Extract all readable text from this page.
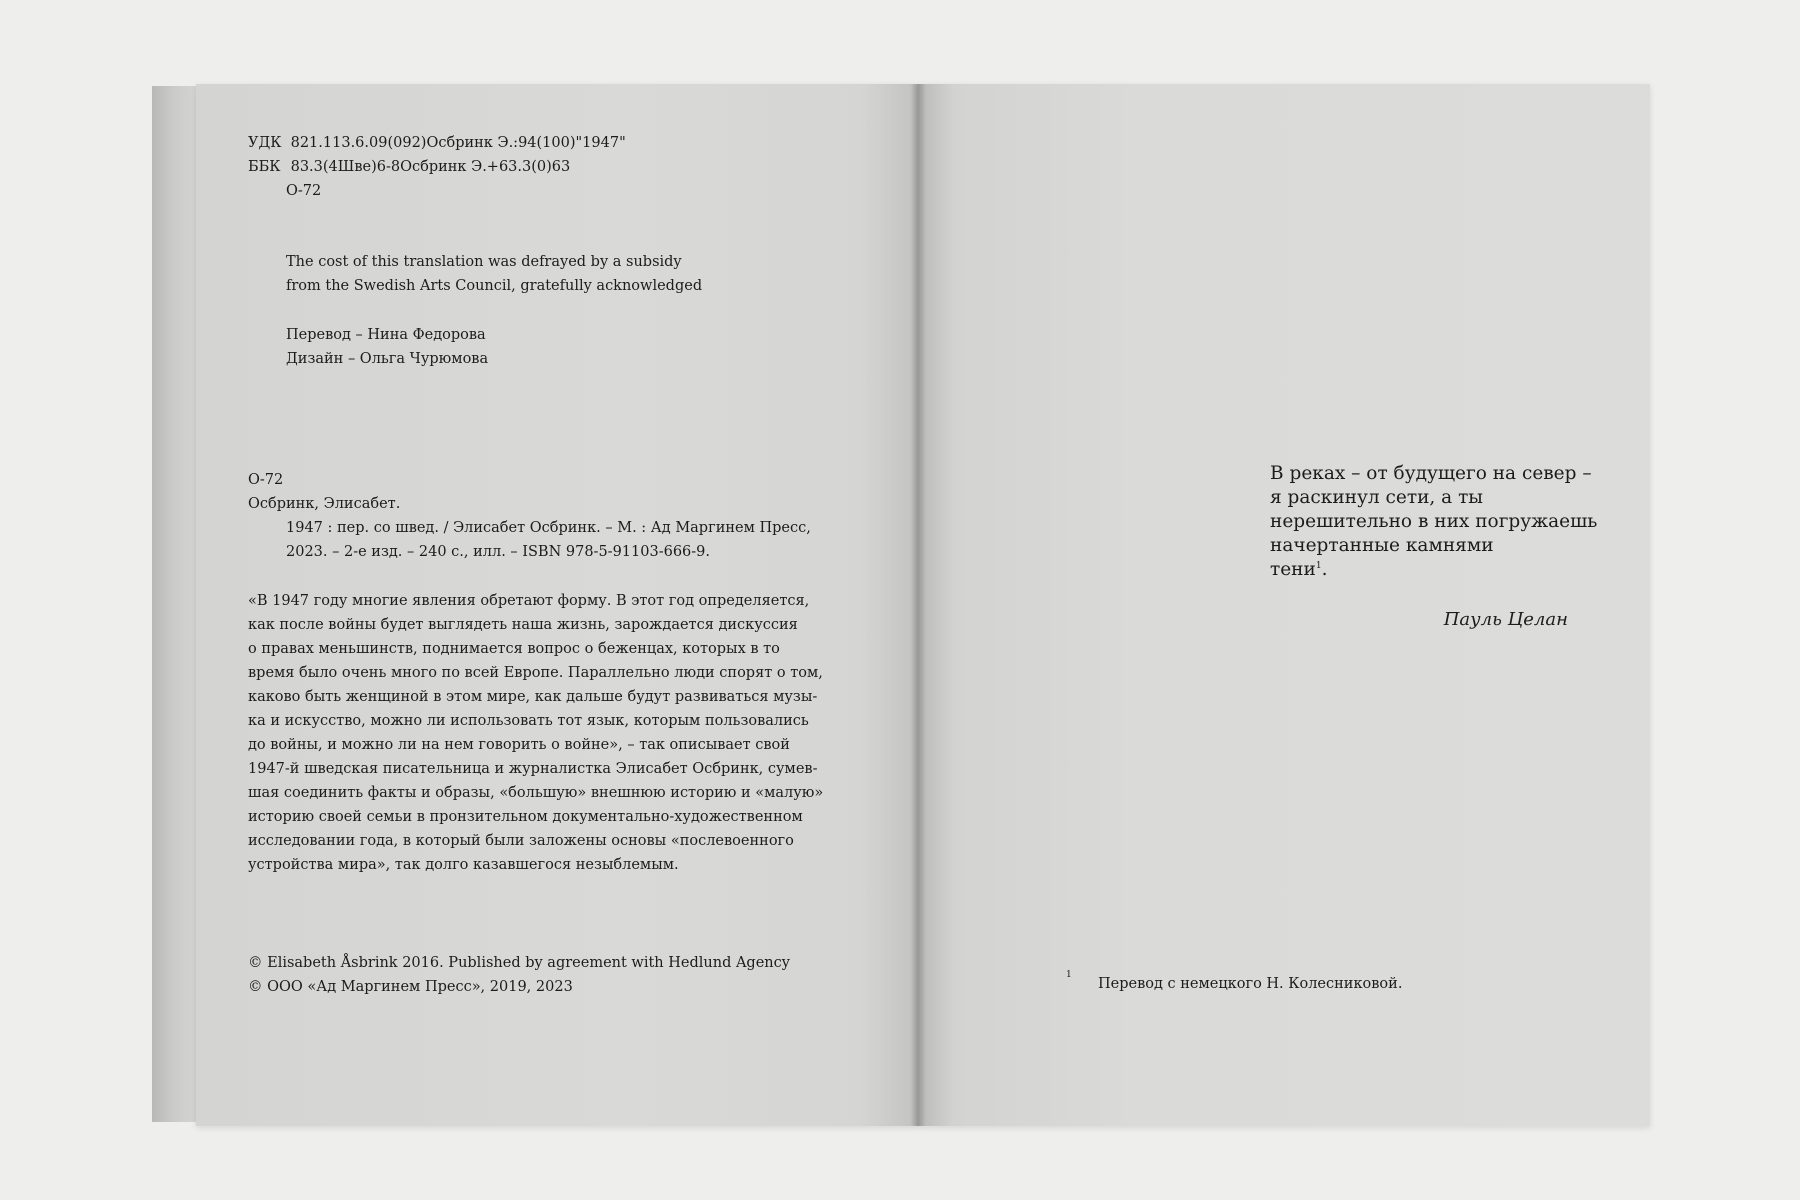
УДК 821.113.6.09(092)Осбринк Э.:94(100)"1947"
ББК 83.3(4Шве)6-8Осбринк Э.+63.3(0)63
О-72
The cost of this translation was defrayed by a subsidy
from the Swedish Arts Council, gratefully acknowledged
Перевод – Нина Федорова
Дизайн – Ольга Чурюмова
О-72
Осбринк, Элисабет.
1947 : пер. со швед. / Элисабет Осбринк. – М. : Ад Маргинем Пресс,
2023. – 2-е изд. – 240 с., илл. – ISBN 978-5-91103-666-9.
«В 1947 году многие явления обретают форму. В этот год определяется,
как после войны будет выглядеть наша жизнь, зарождается дискуссия
о правах меньшинств, поднимается вопрос о беженцах, которых в то
время было очень много по всей Европе. Параллельно люди спорят о том,
каково быть женщиной в этом мире, как дальше будут развиваться музы-
ка и искусство, можно ли использовать тот язык, которым пользовались
до войны, и можно ли на нем говорить о войне», – так описывает свой
1947-й шведская писательница и журналистка Элисабет Осбринк, сумев-
шая соединить факты и образы, «большую» внешнюю историю и «малую»
историю своей семьи в пронзительном документально-художественном
исследовании года, в который были заложены основы «послевоенного
устройства мира», так долго казавшегося незыблемым.
© Elisabeth Åsbrink 2016. Published by agreement with Hedlund Agency
© ООО «Ад Маргинем Пресс», 2019, 2023
В реках – от будущего на север –
я раскинул сети, а ты
нерешительно в них погружаешь
начертанные камнями
тени$^1$.
Пауль Целан
1
Перевод с немецкого Н. Колесниковой.
